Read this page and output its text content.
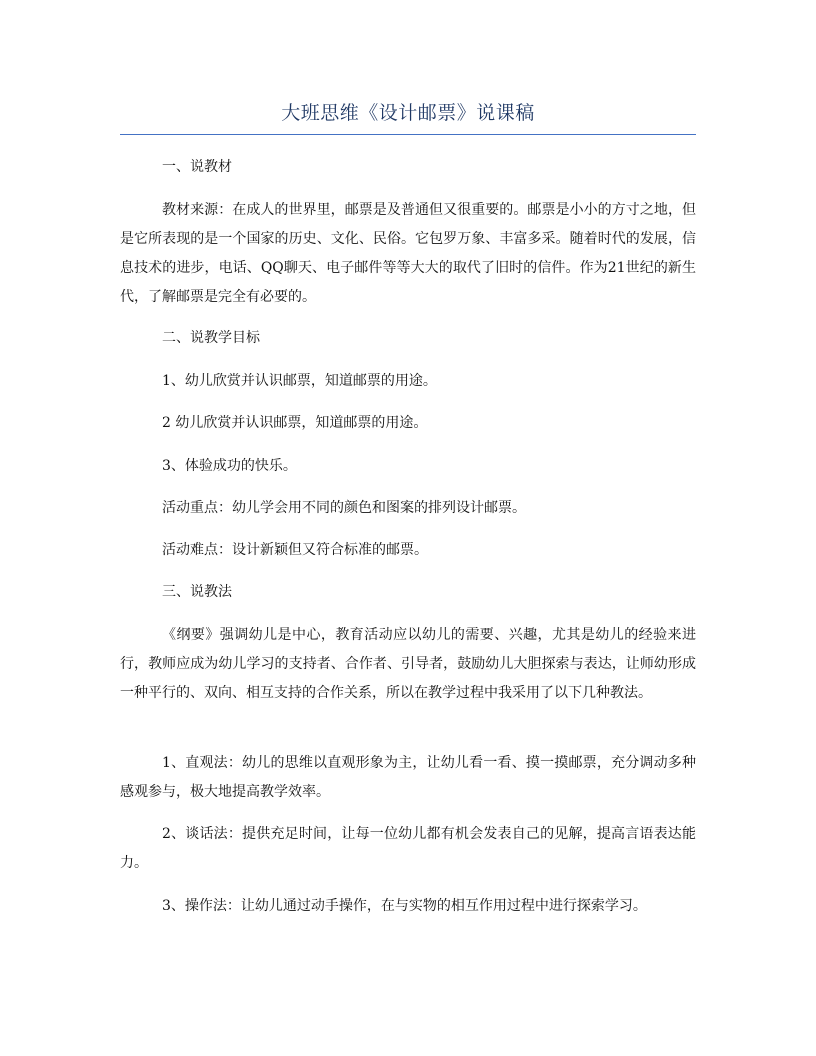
大班思维《设计邮票》说课稿

一、说教材

教材来源：在成人的世界里，邮票是及普通但又很重要的。邮票是小小的方寸之地，但是它所表现的是一个国家的历史、文化、民俗。它包罗万象、丰富多采。随着时代的发展，信息技术的进步，电话、QQ聊天、电子邮件等等大大的取代了旧时的信件。作为21世纪的新生代，了解邮票是完全有必要的。

二、说教学目标

1、幼儿欣赏并认识邮票，知道邮票的用途。

2 幼儿欣赏并认识邮票，知道邮票的用途。

3、体验成功的快乐。

活动重点：幼儿学会用不同的颜色和图案的排列设计邮票。

活动难点：设计新颖但又符合标准的邮票。

三、说教法

《纲要》强调幼儿是中心，教育活动应以幼儿的需要、兴趣，尤其是幼儿的经验来进行，教师应成为幼儿学习的支持者、合作者、引导者，鼓励幼儿大胆探索与表达，让师幼形成一种平行的、双向、相互支持的合作关系，所以在教学过程中我采用了以下几种教法。

1、直观法：幼儿的思维以直观形象为主，让幼儿看一看、摸一摸邮票，充分调动多种感观参与，极大地提高教学效率。

2、谈话法：提供充足时间，让每一位幼儿都有机会发表自己的见解，提高言语表达能力。

3、操作法：让幼儿通过动手操作，在与实物的相互作用过程中进行探索学习。
